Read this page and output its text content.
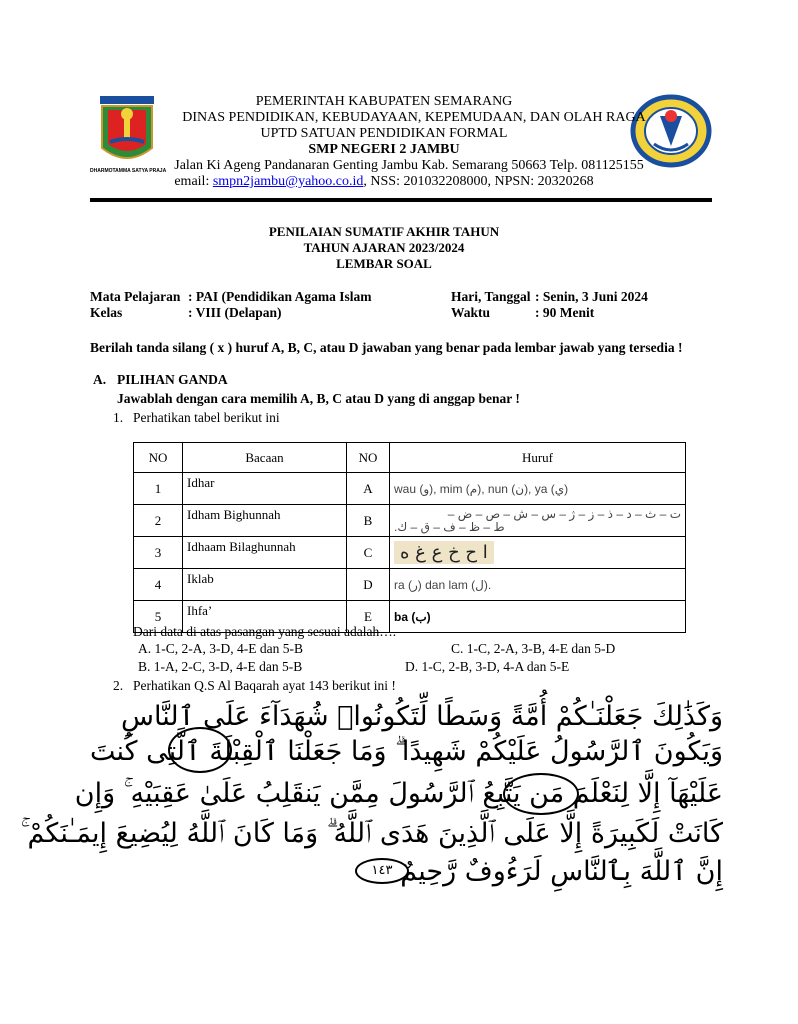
DHARMOTAMMA SATYA PRAJA
PEMERINTAH KABUPATEN SEMARANG
DINAS PENDIDIKAN, KEBUDAYAAN, KEPEMUDAAN, DAN OLAH RAGA
UPTD SATUAN PENDIDIKAN FORMAL
SMP NEGERI 2 JAMBU
Jalan Ki Ageng Pandanaran Genting Jambu Kab. Semarang 50663 Telp. 081125155
email: smpn2jambu@yahoo.co.id, NSS: 201032208000, NPSN: 20320268
PENILAIAN SUMATIF AKHIR TAHUN
TAHUN AJARAN 2023/2024
LEMBAR SOAL
Mata Pelajaran : PAI (Pendidikan Agama Islam
Kelas	: VIII (Delapan)
Hari, Tanggal : Senin, 3 Juni 2024
Waktu	: 90 Menit
Berilah tanda silang ( x ) huruf A, B, C, atau D jawaban yang benar pada lembar jawab yang tersedia !
A. PILIHAN GANDA
Jawablah dengan cara memilih A, B, C atau D yang di anggap benar !
1. Perhatikan tabel berikut ini
NO	Bacaan	NO	Huruf
1	Idhar	A	wau (و), mim (م), nun (ن), ya (ي)
2	Idham Bighunnah	B	ت – ث – د – ذ – ز – ژ – س – ش – ص – ض –
ط – ظ – ف – ق – ك.

3	Idhaam Bilaghunnah	C	ا ح خ ع غ ه
4	Iklab	D	ra (ر) dan lam (ل).
5	Ihfa’	E	ba (ب)
Dari data di atas pasangan yang sesuai adalah….
A. 1-C, 2-A, 3-D, 4-E dan 5-B	C. 1-C, 2-A, 3-B, 4-E dan 5-D
B. 1-A, 2-C, 3-D, 4-E dan 5-B	D. 1-C, 2-B, 3-D, 4-A dan 5-E
2. Perhatikan Q.S Al Baqarah ayat 143 berikut ini !
وَكَذَٰلِكَ جَعَلْنَـٰكُمْ أُمَّةً وَسَطًا لِّتَكُونُوا۟ شُهَدَآءَ عَلَى ٱلنَّاسِ
وَيَكُونَ ٱلرَّسُولُ عَلَيْكُمْ شَهِيدًا ۗ وَمَا جَعَلْنَا ٱلْقِبْلَةَ ٱلَّتِى كُنتَ
عَلَيْهَآ إِلَّا لِنَعْلَمَ مَن يَتَّبِعُ ٱلرَّسُولَ مِمَّن يَنقَلِبُ عَلَىٰ عَقِبَيْهِ ۚ وَإِن
كَانَتْ لَكَبِيرَةً إِلَّا عَلَى ٱلَّذِينَ هَدَى ٱللَّهُ ۗ وَمَا كَانَ ٱللَّهُ لِيُضِيعَ إِيمَـٰنَكُمْ ۚ
إِنَّ ٱللَّهَ بِٱلنَّاسِ لَرَءُوفٌ رَّحِيمٌ
١٤٣
